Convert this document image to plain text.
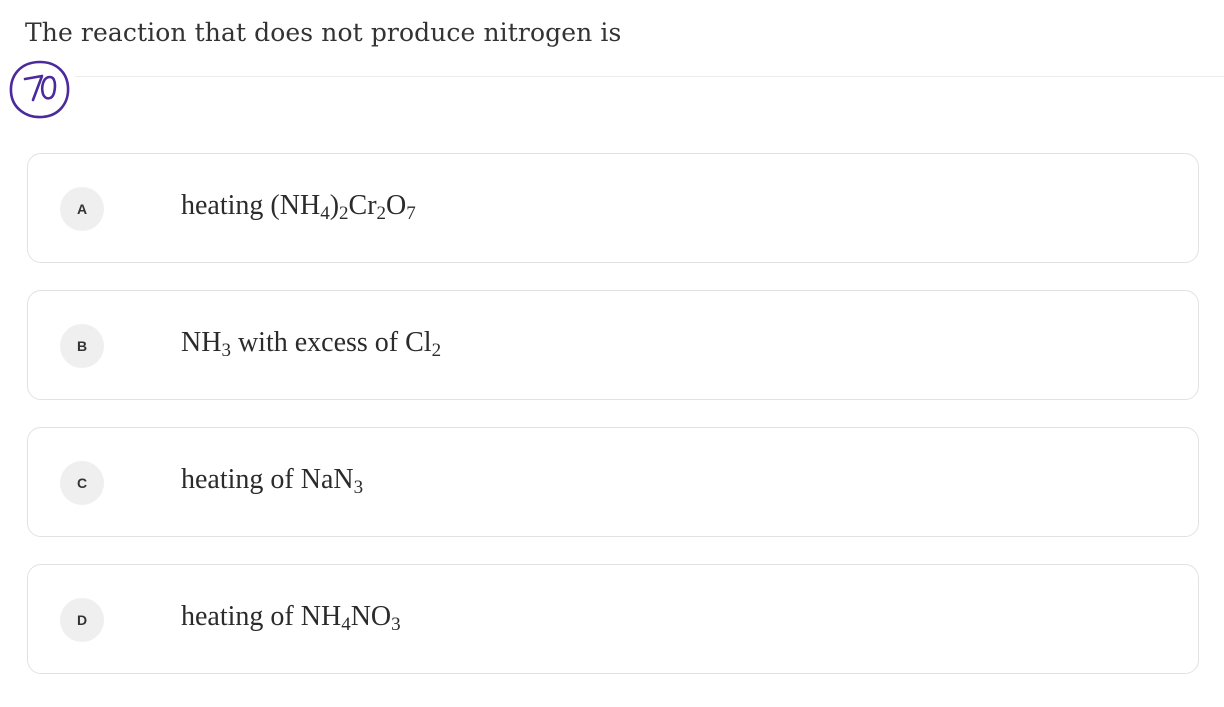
The reaction that does not produce nitrogen is
A	heating $(NH_4)_2Cr_2O_7$
B	$NH_3$ with excess of $Cl_2$
C	heating of NaN$_3$
D	heating of $NH_4NO_3$
